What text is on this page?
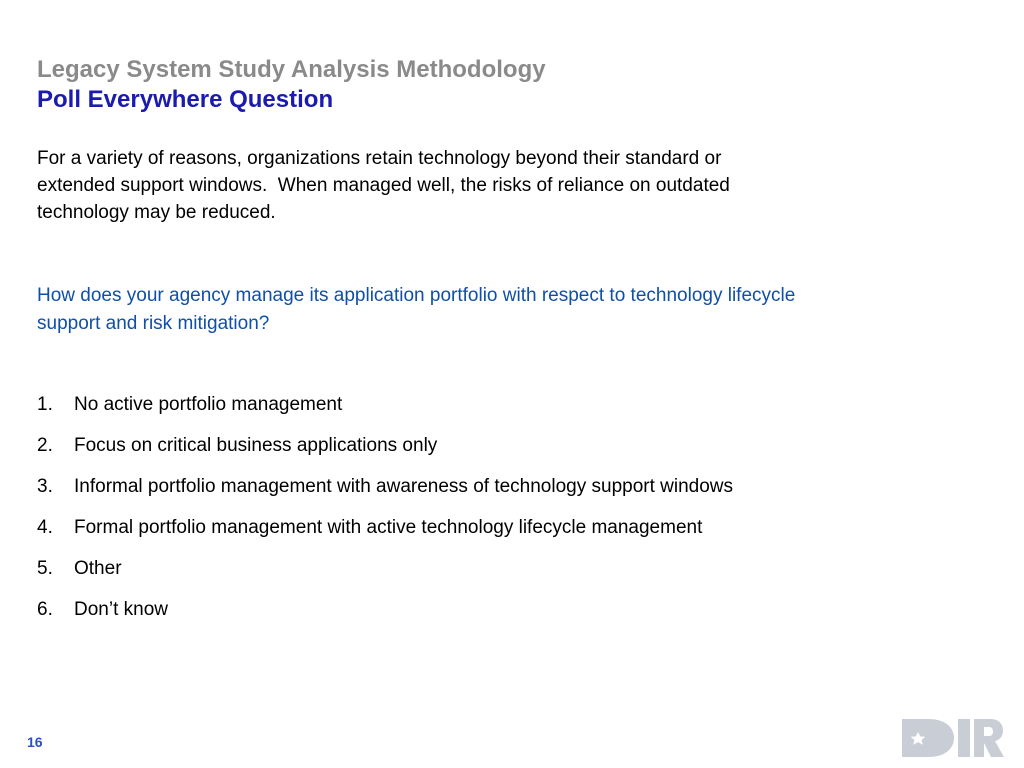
Legacy System Study Analysis Methodology
Poll Everywhere Question
For a variety of reasons, organizations retain technology beyond their standard or
extended support windows.  When managed well, the risks of reliance on outdated
technology may be reduced.
How does your agency manage its application portfolio with respect to technology lifecycle
support and risk mitigation?
1.	No active portfolio management
2.	Focus on critical business applications only
3.	Informal portfolio management with awareness of technology support windows
4.	Formal portfolio management with active technology lifecycle management
5.	Other
6.	Don’t know
16
